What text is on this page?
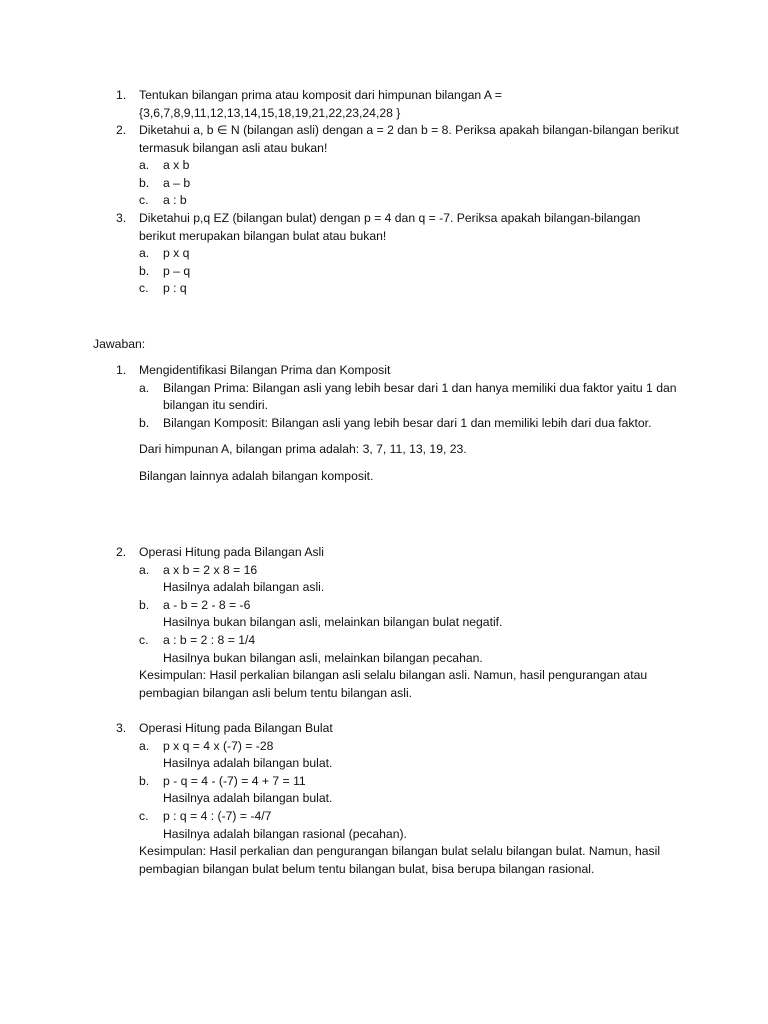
1. Tentukan bilangan prima atau komposit dari himpunan bilangan A = {3,6,7,8,9,11,12,13,14,15,18,19,21,22,23,24,28 }
2. Diketahui a, b ∈ N (bilangan asli) dengan a = 2 dan b = 8. Periksa apakah bilangan-bilangan berikut termasuk bilangan asli atau bukan!
a. a x b
b. a – b
c. a : b
3. Diketahui p,q EZ (bilangan bulat) dengan p = 4 dan q = -7. Periksa apakah bilangan-bilangan berikut merupakan bilangan bulat atau bukan!
a. p x q
b. p – q
c. p : q
Jawaban:
1. Mengidentifikasi Bilangan Prima dan Komposit
a. Bilangan Prima: Bilangan asli yang lebih besar dari 1 dan hanya memiliki dua faktor yaitu 1 dan bilangan itu sendiri.
b. Bilangan Komposit: Bilangan asli yang lebih besar dari 1 dan memiliki lebih dari dua faktor.
Dari himpunan A, bilangan prima adalah: 3, 7, 11, 13, 19, 23.
Bilangan lainnya adalah bilangan komposit.
2. Operasi Hitung pada Bilangan Asli
a. a x b = 2 x 8 = 16
Hasilnya adalah bilangan asli.
b. a - b = 2 - 8 = -6
Hasilnya bukan bilangan asli, melainkan bilangan bulat negatif.
c. a : b = 2 : 8 = 1/4
Hasilnya bukan bilangan asli, melainkan bilangan pecahan.
Kesimpulan: Hasil perkalian bilangan asli selalu bilangan asli. Namun, hasil pengurangan atau pembagian bilangan asli belum tentu bilangan asli.
3. Operasi Hitung pada Bilangan Bulat
a. p x q = 4 x (-7) = -28
Hasilnya adalah bilangan bulat.
b. p - q = 4 - (-7) = 4 + 7 = 11
Hasilnya adalah bilangan bulat.
c. p : q = 4 : (-7) = -4/7
Hasilnya adalah bilangan rasional (pecahan).
Kesimpulan: Hasil perkalian dan pengurangan bilangan bulat selalu bilangan bulat. Namun, hasil pembagian bilangan bulat belum tentu bilangan bulat, bisa berupa bilangan rasional.
